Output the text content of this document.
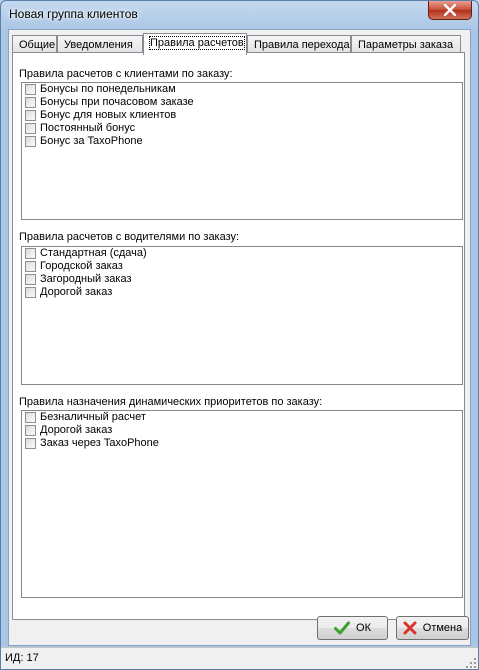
Новая группа клиентов
Общие Уведомления	Правила расчетов Правила перехода Параметры заказа
Правила расчетов с клиентами по заказу:
Бонусы по понедельникам
Бонусы при почасовом заказе
Бонус для новых клиентов
Постоянный бонус
Бонус за TaxoPhone
Правила расчетов с водителями по заказу:
Стандартная (сдача)
Городской заказ
Загородный заказ
Дорогой заказ
Правила назначения динамических приоритетов по заказу:
Безналичный расчет
Дорогой заказ
Заказ через TaxoPhone
ОК	Отмена
ИД: 17
